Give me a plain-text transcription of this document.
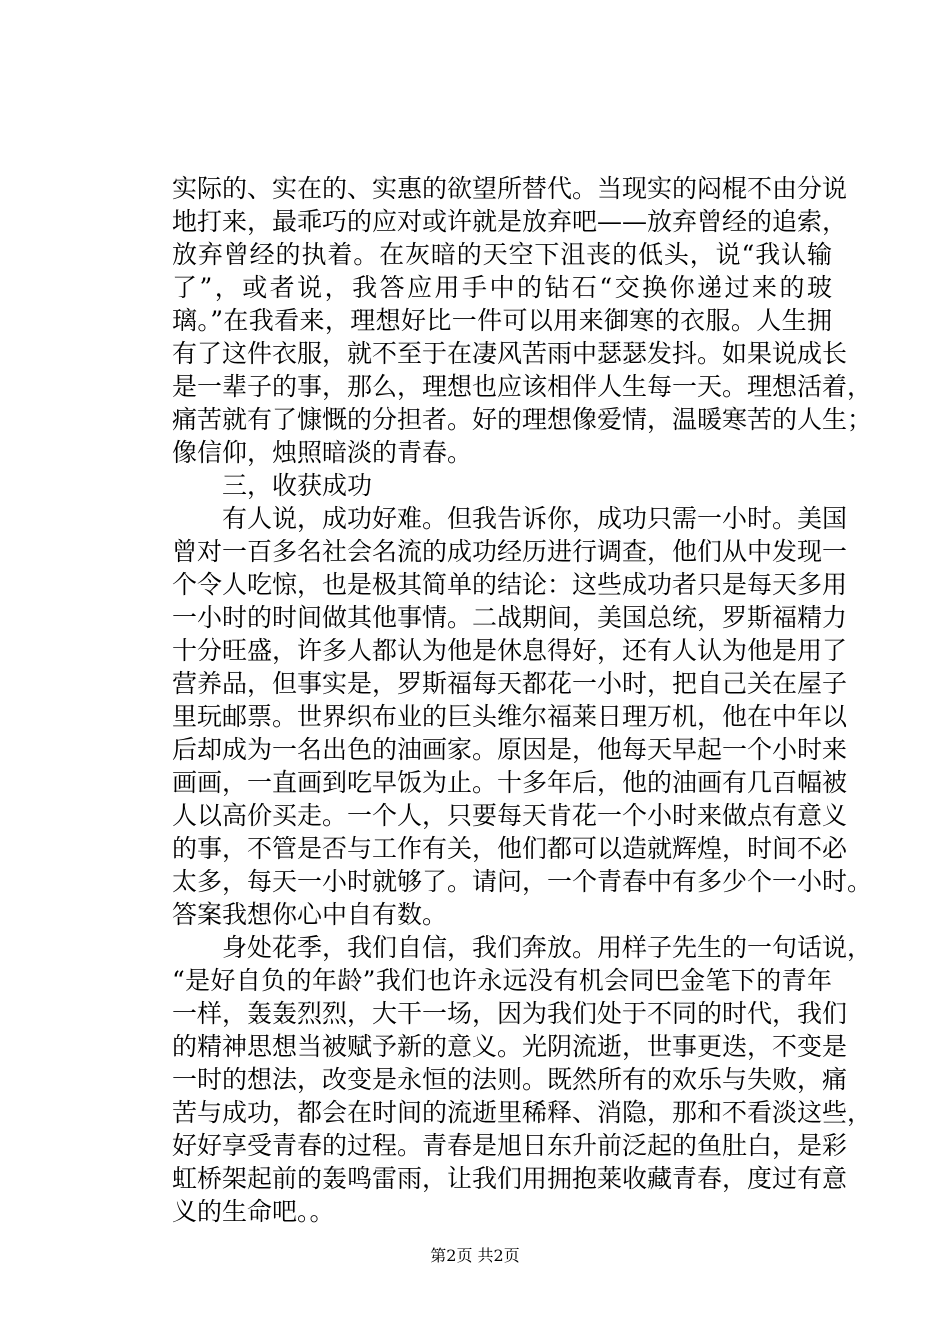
实际的、实在的、实惠的欲望所替代。当现实的闷棍不由分说
地打来，最乖巧的应对或许就是放弃吧——放弃曾经的追索，
放弃曾经的执着。在灰暗的天空下沮丧的低头，说“我认输
了”，或者说，我答应用手中的钻石“交换你递过来的玻
璃。”在我看来，理想好比一件可以用来御寒的衣服。人生拥
有了这件衣服，就不至于在凄风苦雨中瑟瑟发抖。如果说成长
是一辈子的事，那么，理想也应该相伴人生每一天。理想活着，
痛苦就有了慷慨的分担者。好的理想像爱情，温暖寒苦的人生；
像信仰，烛照暗淡的青春。
　　三，收获成功
　　有人说，成功好难。但我告诉你，成功只需一小时。美国
曾对一百多名社会名流的成功经历进行调查，他们从中发现一
个令人吃惊，也是极其简单的结论：这些成功者只是每天多用
一小时的时间做其他事情。二战期间，美国总统，罗斯福精力
十分旺盛，许多人都认为他是休息得好，还有人认为他是用了
营养品，但事实是，罗斯福每天都花一小时，把自己关在屋子
里玩邮票。世界织布业的巨头维尔福莱日理万机，他在中年以
后却成为一名出色的油画家。原因是，他每天早起一个小时来
画画，一直画到吃早饭为止。十多年后，他的油画有几百幅被
人以高价买走。一个人，只要每天肯花一个小时来做点有意义
的事，不管是否与工作有关，他们都可以造就辉煌，时间不必
太多，每天一小时就够了。请问，一个青春中有多少个一小时。
答案我想你心中自有数。
　　身处花季，我们自信，我们奔放。用样子先生的一句话说，
“是好自负的年龄”我们也许永远没有机会同巴金笔下的青年
一样，轰轰烈烈，大干一场，因为我们处于不同的时代，我们
的精神思想当被赋予新的意义。光阴流逝，世事更迭，不变是
一时的想法，改变是永恒的法则。既然所有的欢乐与失败，痛
苦与成功，都会在时间的流逝里稀释、消隐，那和不看淡这些，
好好享受青春的过程。青春是旭日东升前泛起的鱼肚白，是彩
虹桥架起前的轰鸣雷雨，让我们用拥抱莱收藏青春，度过有意
义的生命吧。。
第2页 共2页
